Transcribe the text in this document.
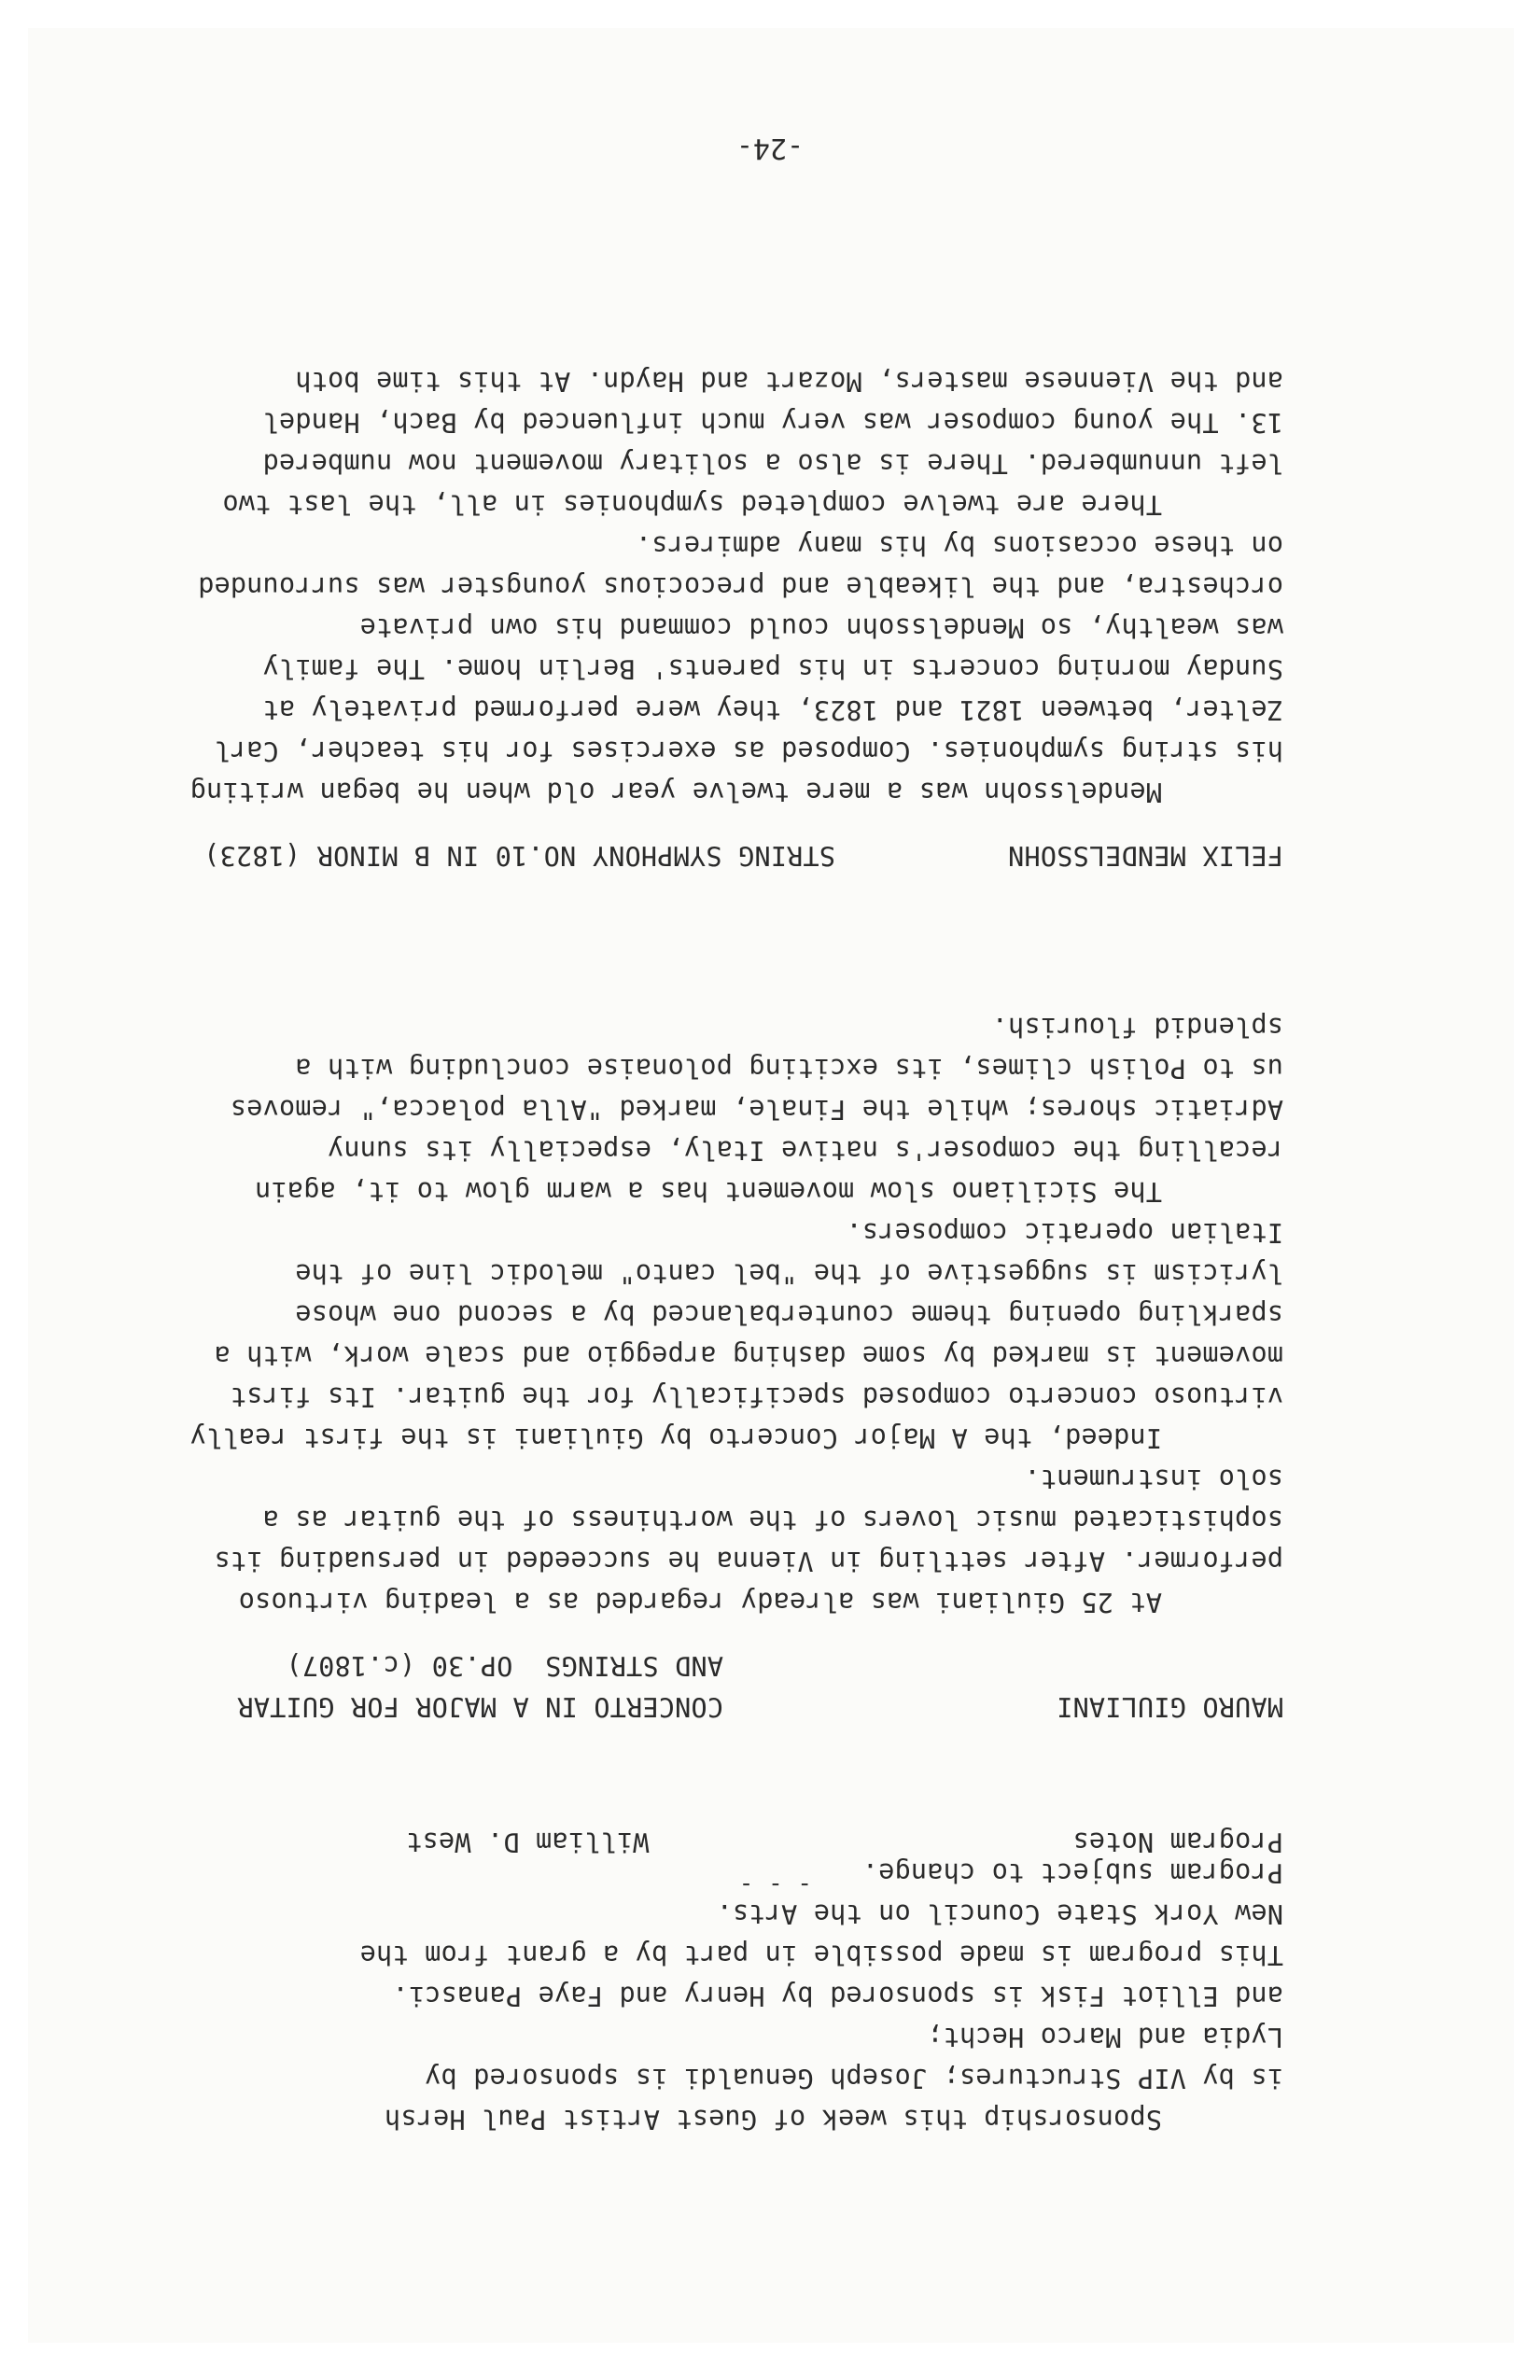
Sponsorship this week of Guest Artist Paul Hersh
is by VIP Structures; Joseph Genualdi is sponsored by
Lydia and Marco Hecht;
and Elliot Fisk is sponsored by Henry and Faye Panasci.
This program is made possible in part by a grant from the
New York State Council on the Arts.
Program subject to change.
- - -
Program Notes
William D. West
MAURO GIULIANI
CONCERTO IN A MAJOR FOR GUITAR
AND STRINGS  OP.30 (c.1807)
At 25 Giuliani was already regarded as a leading virtuoso
performer. After settling in Vienna he succeeded in persuading its
sophisticated music lovers of the worthiness of the guitar as a
solo instrument.
Indeed, the A Major Concerto by Giuliani is the first really
virtuoso concerto composed specifically for the guitar. Its first
movement is marked by some dashing arpeggio and scale work, with a
sparkling opening theme counterbalanced by a second one whose
lyricism is suggestive of the "bel canto" melodic line of the
Italian operatic composers.
The Siciliano slow movement has a warm glow to it, again
recalling the composer's native Italy, especially its sunny
Adriatic shores; while the Finale, marked "Alla polacca," removes
us to Polish climes, its exciting polonaise concluding with a
splendid flourish.
FELIX MENDELSSOHN
STRING SYMPHONY NO.10 IN B MINOR (1823)
Mendelssohn was a mere twelve year old when he began writing
his string symphonies. Composed as exercises for his teacher, Carl
Zelter, between 1821 and 1823, they were performed privately at
Sunday morning concerts in his parents' Berlin home. The family
was wealthy, so Mendelssohn could command his own private
orchestra, and the likeable and precocious youngster was surrounded
on these occasions by his many admirers.
There are twelve completed symphonies in all, the last two
left unnumbered. There is also a solitary movement now numbered
13. The young composer was very much influenced by Bach, Handel
and the Viennese masters, Mozart and Haydn. At this time both
-24-
